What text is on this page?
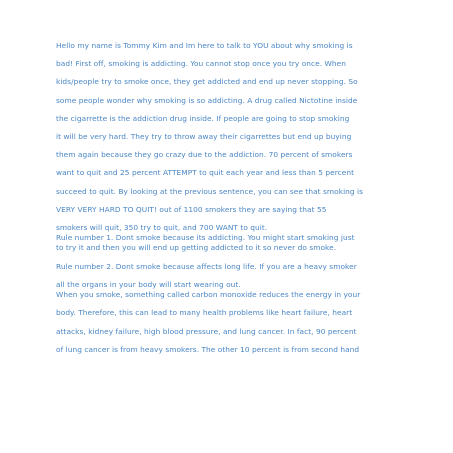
Hello my name is Tommy Kim and Im here to talk to YOU about why smoking is

bad! First off, smoking is addicting. You cannot stop once you try once. When

kids/people try to smoke once, they get addicted and end up never stopping. So

some people wonder why smoking is so addicting. A drug called Nictotine inside

the cigarrette is the addiction drug inside. If people are going to stop smoking

it will be very hard. They try to throw away their cigarrettes but end up buying

them again because they go crazy due to the addiction. 70 percent of smokers

want to quit and 25 percent ATTEMPT to quit each year and less than 5 percent

succeed to quit. By looking at the previous sentence, you can see that smoking is

VERY VERY HARD TO QUIT! out of 1100 smokers they are saying that 55

smokers will quit, 350 try to quit, and 700 WANT to quit.

Rule number 1. Dont smoke because its addicting. You might start smoking just

to try it and then you will end up getting addicted to it so never do smoke.

Rule number 2. Dont smoke because affects long life. If you are a heavy smoker

all the organs in your body will start wearing out.

When you smoke, something called carbon monoxide reduces the energy in your

body. Therefore, this can lead to many health problems like heart failure, heart

attacks, kidney failure, high blood pressure, and lung cancer. In fact, 90 percent

of lung cancer is from heavy smokers. The other 10 percent is from second hand
